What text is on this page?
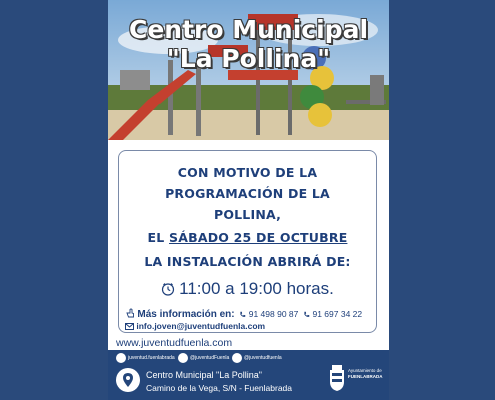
Centro Municipal
"La Pollina"
CON MOTIVO DE LA
PROGRAMACIÓN DE LA
POLLINA,
EL SÁBADO 25 DE OCTUBRE
LA INSTALACIÓN ABRIRÁ DE:
11:00 a 19:00 horas.
Más información en: 91 498 90 87 91 697 34 22
info.joven@juventudfuenla.com
www.juventudfuenla.com
juventud.fuenlabrada	@juventudFuenla	@juventudfuenla
Centro Municipal "La Pollina"
Camino de la Vega, S/N - Fuenlabrada
Ayuntamiento de
FUENLABRADA
